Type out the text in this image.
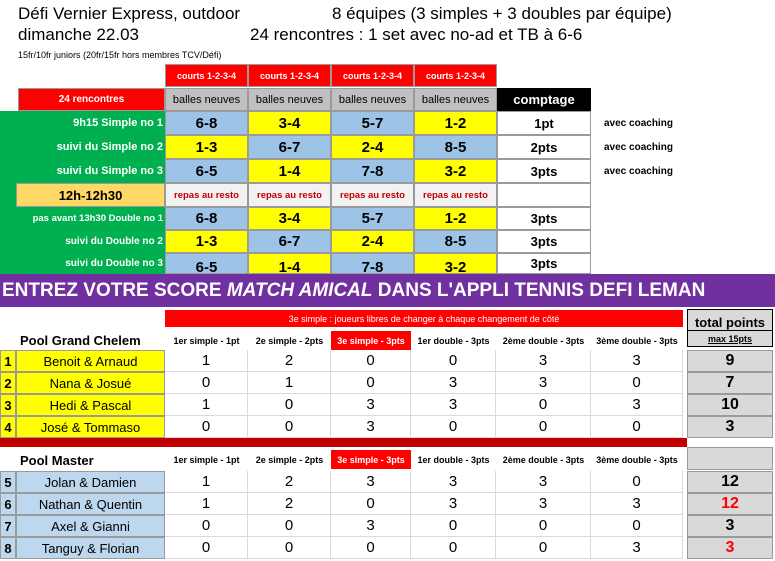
Défi Vernier Express, outdoor
dimanche 22.03
8 équipes (3 simples + 3 doubles par équipe)
24 rencontres : 1 set avec no-ad et TB à 6-6
15fr/10fr juniors (20fr/15fr hors membres TCV/Défi)
courts 1-2-3-4	courts 1-2-3-4	courts 1-2-3-4	courts 1-2-3-4
24 rencontres	balles neuves	balles neuves	balles neuves	balles neuves	comptage
9h15 Simple no 1	6-8	3-4	5-7	1-2	1pt	avec coaching
suivi du Simple no 2	1-3	6-7	2-4	8-5	2pts	avec coaching
suivi du Simple no 3	6-5	1-4	7-8	3-2	3pts	avec coaching
12h-12h30	repas au resto	repas au resto	repas au resto	repas au resto
pas avant 13h30 Double no 1	6-8	3-4	5-7	1-2	3pts
suivi du Double no 2	1-3	6-7	2-4	8-5	3pts
suivi du Double no 3	6-5	1-4	7-8	3-2	3pts
ENTREZ VOTRE SCORE MATCH AMICAL DANS L'APPLI TENNIS DEFI LEMAN
3e simple : joueurs libres de changer à chaque changement de côté	total points
max 15pts
Pool Grand Chelem	1er simple - 1pt	2e simple - 2pts	3e simple - 3pts	1er double - 3pts	2ème double - 3pts	3ème double - 3pts
1	Benoit & Arnaud	1	2	0	0	3	3	9
2	Nana & Josué	0	1	0	3	3	0	7
3	Hedi & Pascal	1	0	3	3	0	3	10
4	José & Tommaso	0	0	3	0	0	0	3
Pool Master	1er simple - 1pt	2e simple - 2pts	3e simple - 3pts	1er double - 3pts	2ème double - 3pts	3ème double - 3pts
5	Jolan & Damien	1	2	3	3	3	0	12
6	Nathan & Quentin	1	2	0	3	3	3	12
7	Axel & Gianni	0	0	3	0	0	0	3
8	Tanguy & Florian	0	0	0	0	0	3	3
